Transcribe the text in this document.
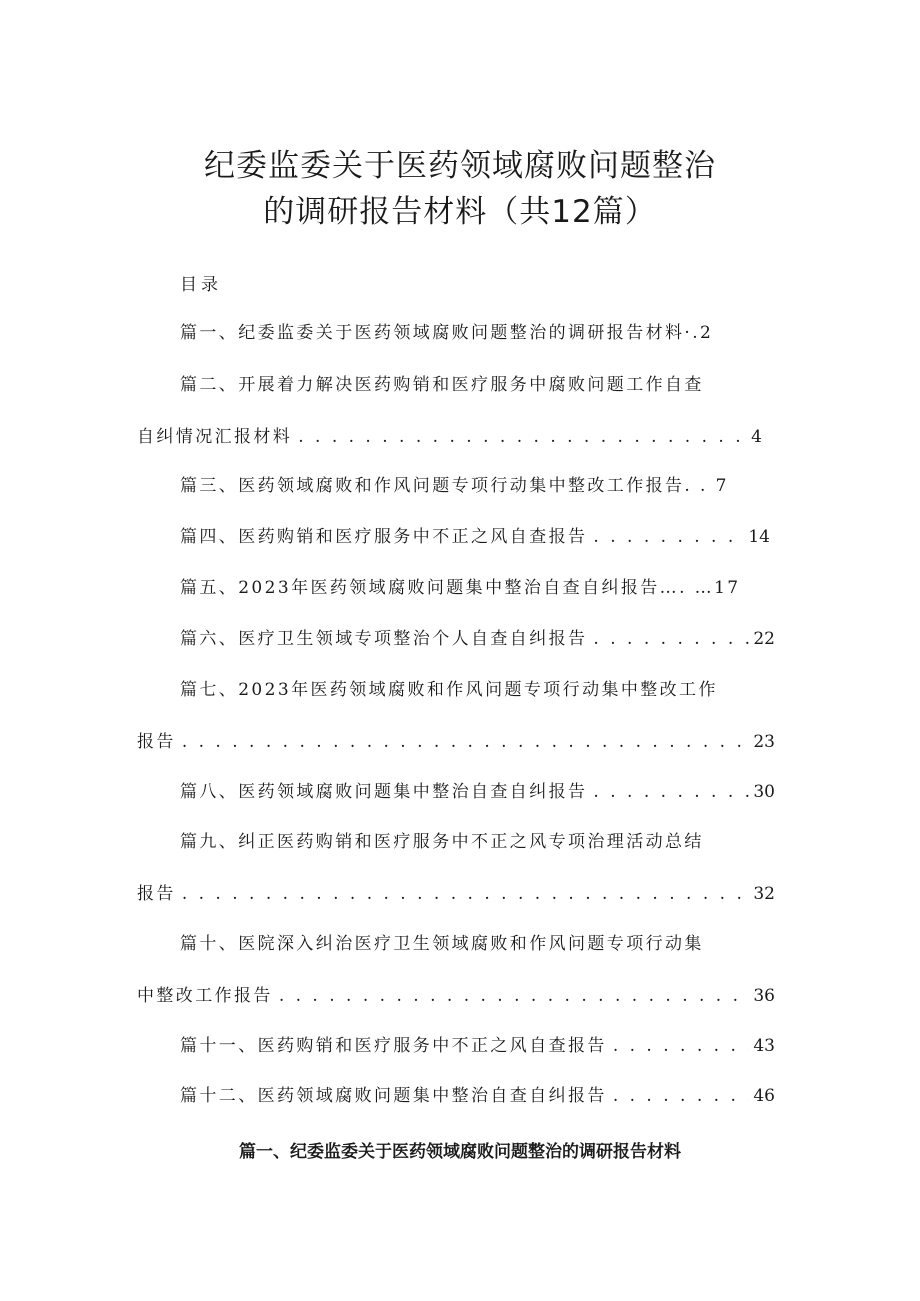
纪委监委关于医药领域腐败问题整治
的调研报告材料（共12篇）
目录
篇一、纪委监委关于医药领域腐败问题整治的调研报告材料·.2
篇二、开展着力解决医药购销和医疗服务中腐败问题工作自查
自纠情况汇报材料 . . .	4
篇三、医药领域腐败和作风问题专项行动集中整改工作报告. . 7
篇四、医药购销和医疗服务中不正之风自查报告 . . .	14
篇五、2023年医药领域腐败问题集中整治自查自纠报告…. …17
篇六、医疗卫生领域专项整治个人自查自纠报告 . . .	22
篇七、2023年医药领域腐败和作风问题专项行动集中整改工作
报告 . . .	23
篇八、医药领域腐败问题集中整治自查自纠报告 . . .	30
篇九、纠正医药购销和医疗服务中不正之风专项治理活动总结
报告 . . .	32
篇十、医院深入纠治医疗卫生领域腐败和作风问题专项行动集
中整改工作报告 . . .	36
篇十一、医药购销和医疗服务中不正之风自查报告 . . .	43
篇十二、医药领域腐败问题集中整治自查自纠报告 . . .	46
篇一、纪委监委关于医药领域腐败问题整治的调研报告材料
